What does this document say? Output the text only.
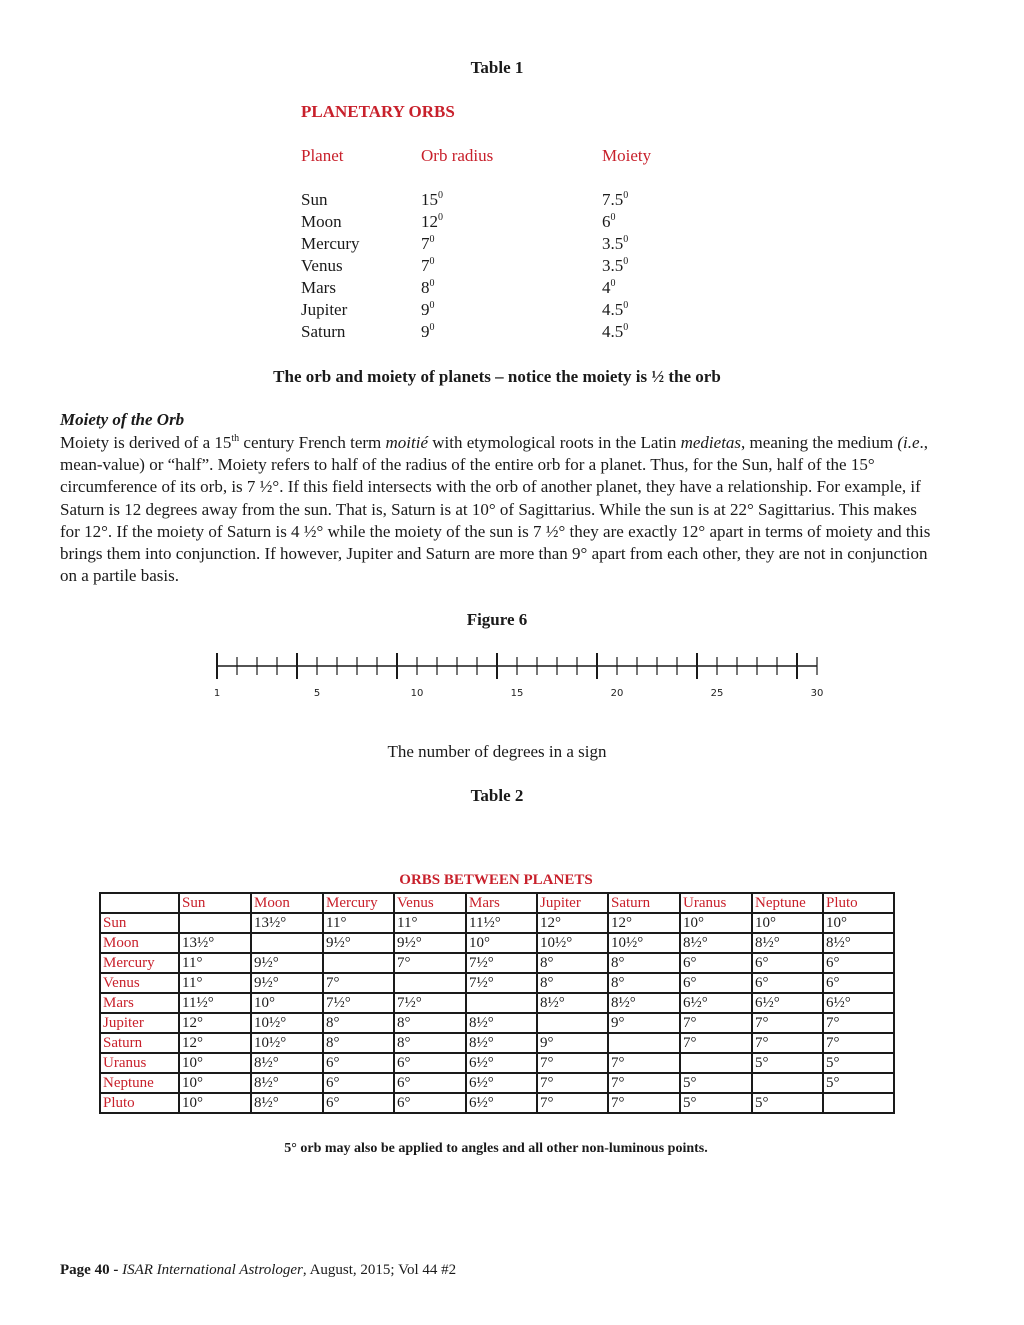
Table 1
PLANETARY ORBS
Planet	Orb radius	Moiety
Sun	$15^0$	$7.5^0$
Moon	$12^0$	$6^0$
Mercury	$7^0$	$3.5^0$
Venus	$7^0$	$3.5^0$
Mars	$8^0$	$4^0$
Jupiter	$9^0$	$4.5^0$
Saturn	$9^0$	$4.5^0$
The orb and moiety of planets – notice the moiety is ½ the orb
Moiety of the Orb
Moiety is derived of a 15th century French term moitié with etymological roots in the Latin medietas, meaning the medium (i.e., mean-value) or “half”. Moiety refers to half of the radius of the entire orb for a planet. Thus, for the Sun, half of the 15° circumference of its orb, is 7 ½°. If this field intersects with the orb of another planet, they have a relationship. For example, if Saturn is 12 degrees away from the sun. That is, Saturn is at 10° of Sagittarius. While the sun is at 22° Sagittarius. This makes for 12°. If the moiety of Saturn is 4 ½° while the moiety of the sun is 7 ½° they are exactly 12° apart in terms of moiety and this brings them into conjunction. If however, Jupiter and Saturn are more than 9° apart from each other, they are not in conjunction on a partile basis.
Figure 6
1	5	10	15	20	25	30
The number of degrees in a sign
Table 2
ORBS BETWEEN PLANETS
	Sun	Moon	Mercury	Venus	Mars	Jupiter	Saturn	Uranus	Neptune	Pluto
Sun		13½°	11°	11°	11½°	12°	12°	10°	10°	10°
Moon	13½°		9½°	9½°	10°	10½°	10½°	8½°	8½°	8½°
Mercury	11°	9½°		7°	7½°	8°	8°	6°	6°	6°
Venus	11°	9½°	7°		7½°	8°	8°	6°	6°	6°
Mars	11½°	10°	7½°	7½°		8½°	8½°	6½°	6½°	6½°
Jupiter	12°	10½°	8°	8°	8½°		9°	7°	7°	7°
Saturn	12°	10½°	8°	8°	8½°	9°		7°	7°	7°
Uranus	10°	8½°	6°	6°	6½°	7°	7°		5°	5°
Neptune	10°	8½°	6°	6°	6½°	7°	7°	5°		5°
Pluto	10°	8½°	6°	6°	6½°	7°	7°	5°	5°	
5° orb may also be applied to angles and all other non-luminous points.
Page 40 - ISAR International Astrologer, August, 2015; Vol 44 #2
